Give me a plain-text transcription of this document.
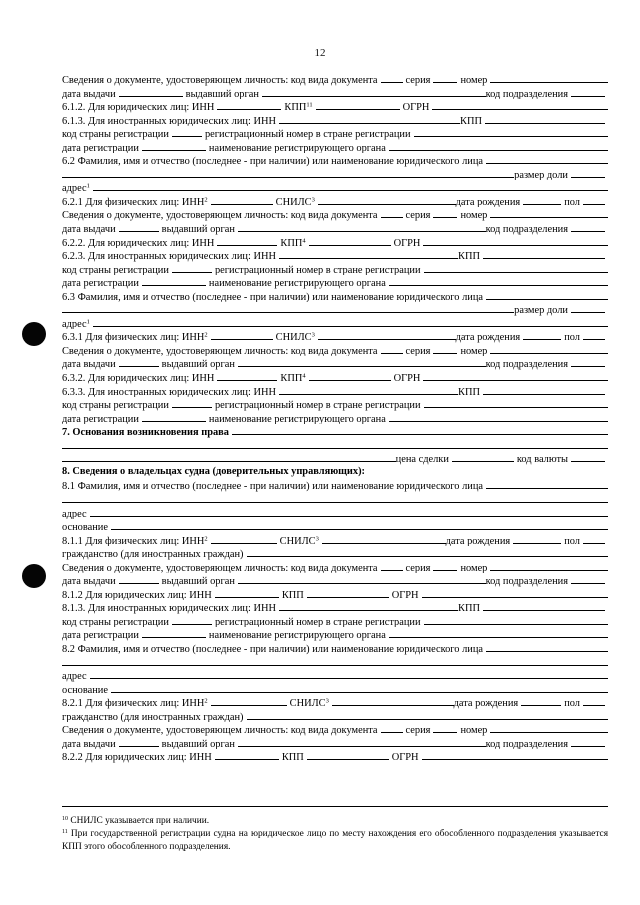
12
Сведения о документе, удостоверяющем личность: код вида документа	серия	номер
дата выдачи	выдавший орган	код подразделения
6.1.2. Для юридических лиц: ИНН	КПП$^{11}$	ОГРН
6.1.3. Для иностранных юридических лиц: ИНН	КПП
код страны регистрации	регистрационный номер в стране регистрации
дата регистрации	наименование регистрирующего органа
6.2 Фамилия, имя и отчество (последнее - при наличии) или наименование юридического лица
размер доли
адрес$^1$
6.2.1 Для физических лиц: ИНН$^2$	СНИЛС$^3$	дата рождения	пол
Сведения о документе, удостоверяющем личность: код вида документа	серия	номер
дата выдачи	выдавший орган	код подразделения
6.2.2. Для юридических лиц: ИНН	КПП$^4$	ОГРН
6.2.3. Для иностранных юридических лиц: ИНН	КПП
код страны регистрации	регистрационный номер в стране регистрации
дата регистрации	наименование регистрирующего органа
6.3 Фамилия, имя и отчество (последнее - при наличии) или наименование юридического лица
размер доли
адрес$^1$
6.3.1 Для физических лиц: ИНН$^2$	СНИЛС$^3$	дата рождения	пол
Сведения о документе, удостоверяющем личность: код вида документа	серия	номер
дата выдачи	выдавший орган	код подразделения
6.3.2. Для юридических лиц: ИНН	КПП$^4$	ОГРН
6.3.3. Для иностранных юридических лиц: ИНН	КПП
код страны регистрации	регистрационный номер в стране регистрации
дата регистрации	наименование регистрирующего органа
7. Основания возникновения права
цена сделки	код валюты
8. Сведения о владельцах судна (доверительных управляющих):
8.1 Фамилия, имя и отчество (последнее - при наличии) или наименование юридического лица
адрес
основание
8.1.1 Для физических лиц: ИНН$^2$	СНИЛС$^3$	дата рождения	пол
гражданство (для иностранных граждан)
Сведения о документе, удостоверяющем личность: код вида документа	серия	номер
дата выдачи	выдавший орган	код подразделения
8.1.2 Для юридических лиц: ИНН	КПП	ОГРН
8.1.3. Для иностранных юридических лиц: ИНН	КПП
код страны регистрации	регистрационный номер в стране регистрации
дата регистрации	наименование регистрирующего органа
8.2 Фамилия, имя и отчество (последнее - при наличии) или наименование юридического лица
адрес
основание
8.2.1 Для физических лиц: ИНН$^2$	СНИЛС$^3$	дата рождения	пол
гражданство (для иностранных граждан)
Сведения о документе, удостоверяющем личность: код вида документа	серия	номер
дата выдачи	выдавший орган	код подразделения
8.2.2 Для юридических лиц: ИНН	КПП	ОГРН
$^{10}$ СНИЛС указывается при наличии.
$^{11}$ При государственной регистрации судна на юридическое лицо по месту нахождения его обособленного подразделения указывается КПП этого обособленного подразделения.
